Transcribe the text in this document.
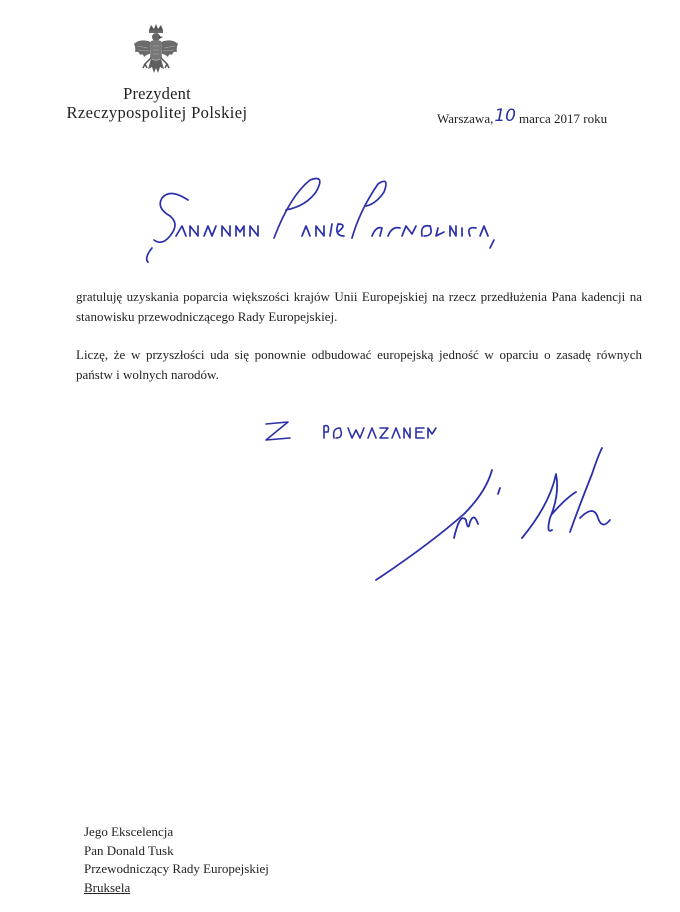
Prezydent
Rzeczypospolitej Polskiej	Warszawa,10 marca 2017 roku

gratuluję uzyskania poparcia większości krajów Unii Europejskiej na rzecz przedłużenia Pana kadencji na stanowisku przewodniczącego Rady Europejskiej.

Liczę, że w przyszłości uda się ponownie odbudować europejską jedność w oparciu o zasadę równych państw i wolnych narodów.

Jego Ekscelencja
Pan Donald Tusk
Przewodniczący Rady Europejskiej
Bruksela
